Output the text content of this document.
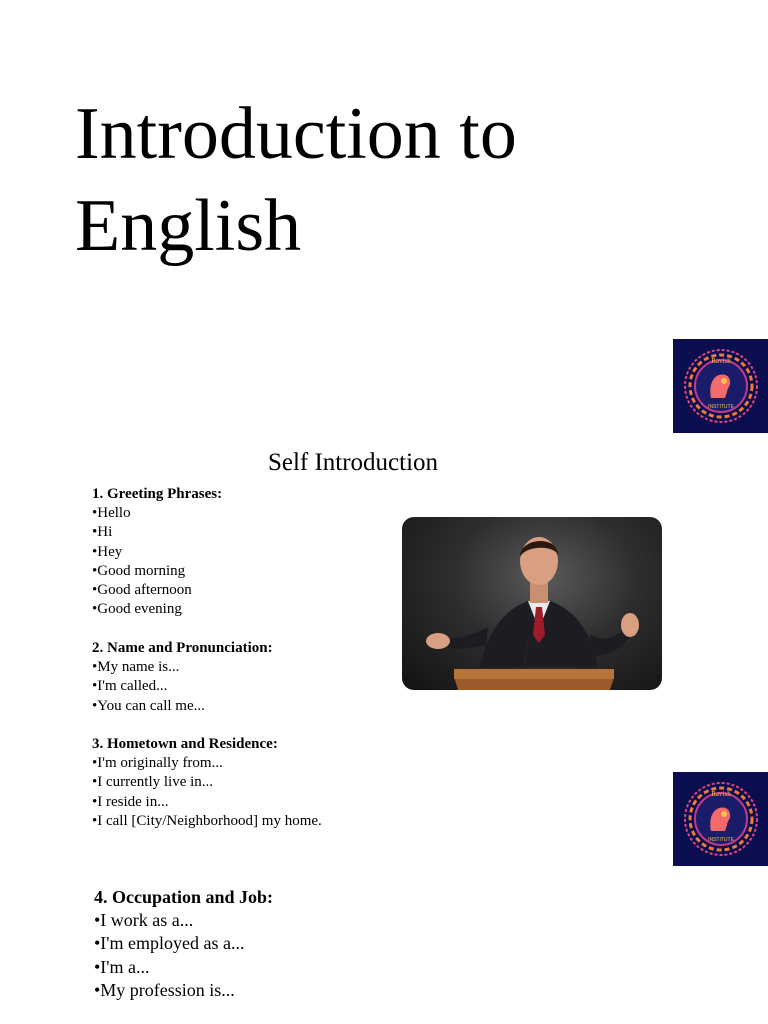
Introduction to
English
Ravish
INSTITUTE
Self Introduction
1. Greeting Phrases:
•Hello
•Hi
•Hey
•Good morning
•Good afternoon
•Good evening
2. Name and Pronunciation:
•My name is...
•I'm called...
•You can call me...
3. Hometown and Residence:
•I'm originally from...
•I currently live in...
•I reside in...
•I call [City/Neighborhood] my home.
Ravish
INSTITUTE
4. Occupation and Job:
•I work as a...
•I'm employed as a...
•I'm a...
•My profession is...
